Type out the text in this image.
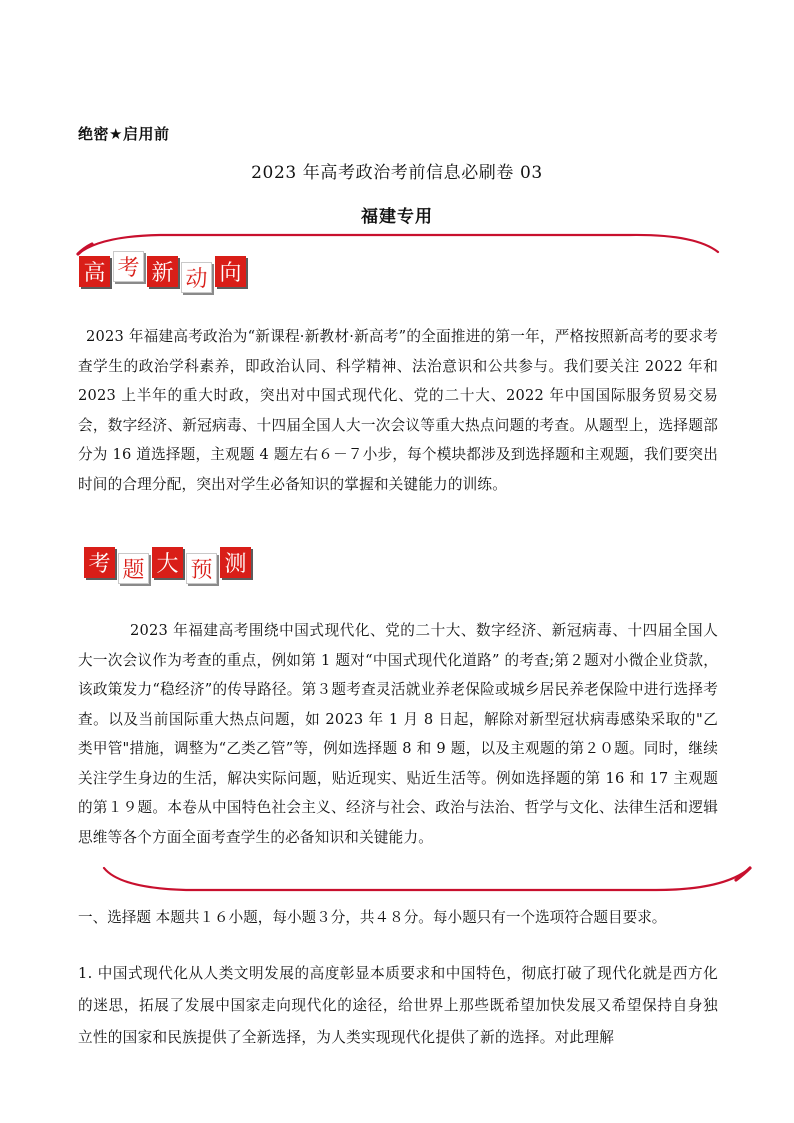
绝密★启用前
2023 年高考政治考前信息必刷卷 03
福建专用
高 考 新 动 向
2023 年福建高考政治为“新课程·新教材·新高考”的全面推进的第一年，严格按照新高考的要求考查学生的政治学科素养，即政治认同、科学精神、法治意识和公共参与。我们要关注 2022 年和 2023 上半年的重大时政，突出对中国式现代化、党的二十大、2022 年中国国际服务贸易交易会，数字经济、新冠病毒、十四届全国人大一次会议等重大热点问题的考查。从题型上，选择题部分为 16 道选择题，主观题 4 题左右６－７小步，每个模块都涉及到选择题和主观题，我们要突出时间的合理分配，突出对学生必备知识的掌握和关键能力的训练。
考 题 大 预 测
2023 年福建高考围绕中国式现代化、党的二十大、数字经济、新冠病毒、十四届全国人大一次会议作为考查的重点，例如第 1 题对“中国式现代化道路” 的考查;第２题对小微企业贷款，该政策发力“稳经济”的传导路径。第３题考查灵活就业养老保险或城乡居民养老保险中进行选择考查。以及当前国际重大热点问题，如 2023 年 1 月 8 日起，解除对新型冠状病毒感染采取的"乙类甲管"措施，调整为“乙类乙管”等，例如选择题 8 和 9 题，以及主观题的第２０题。同时，继续关注学生身边的生活，解决实际问题，贴近现实、贴近生活等。例如选择题的第 16 和 17 主观题的第１９题。本卷从中国特色社会主义、经济与社会、政治与法治、哲学与文化、法律生活和逻辑思维等各个方面全面考查学生的必备知识和关键能力。
一、选择题 本题共１６小题，每小题３分，共４８分。每小题只有一个选项符合题目要求。
1. 中国式现代化从人类文明发展的高度彰显本质要求和中国特色，彻底打破了现代化就是西方化的迷思，拓展了发展中国家走向现代化的途径，给世界上那些既希望加快发展又希望保持自身独立性的国家和民族提供了全新选择，为人类实现现代化提供了新的选择。对此理解
